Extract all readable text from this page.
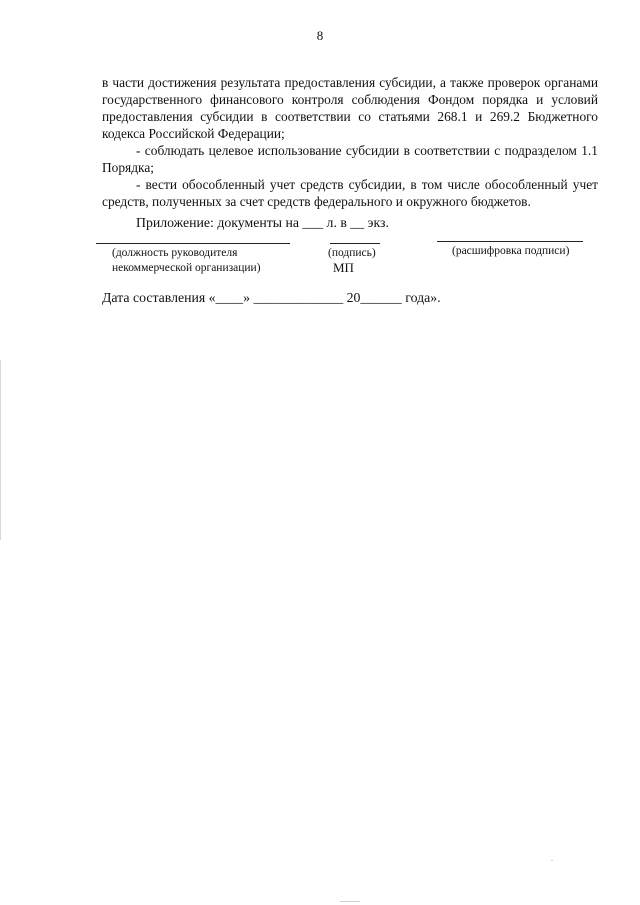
8

в части достижения результата предоставления субсидии, а также проверок органами государственного финансового контроля соблюдения Фондом порядка и условий предоставления субсидии в соответствии со статьями 268.1 и 269.2 Бюджетного кодекса Российской Федерации;

- соблюдать целевое использование субсидии в соответствии с подразделом 1.1 Порядка;

- вести обособленный учет средств субсидии, в том числе обособленный учет средств, полученных за счет средств федерального и окружного бюджетов.

Приложение: документы на ___ л. в __ экз.
(должность руководителя
некоммерческой организации)
(подпись)
МП
(расшифровка подписи)
Дата составления «____» _____________ 20______ года».
